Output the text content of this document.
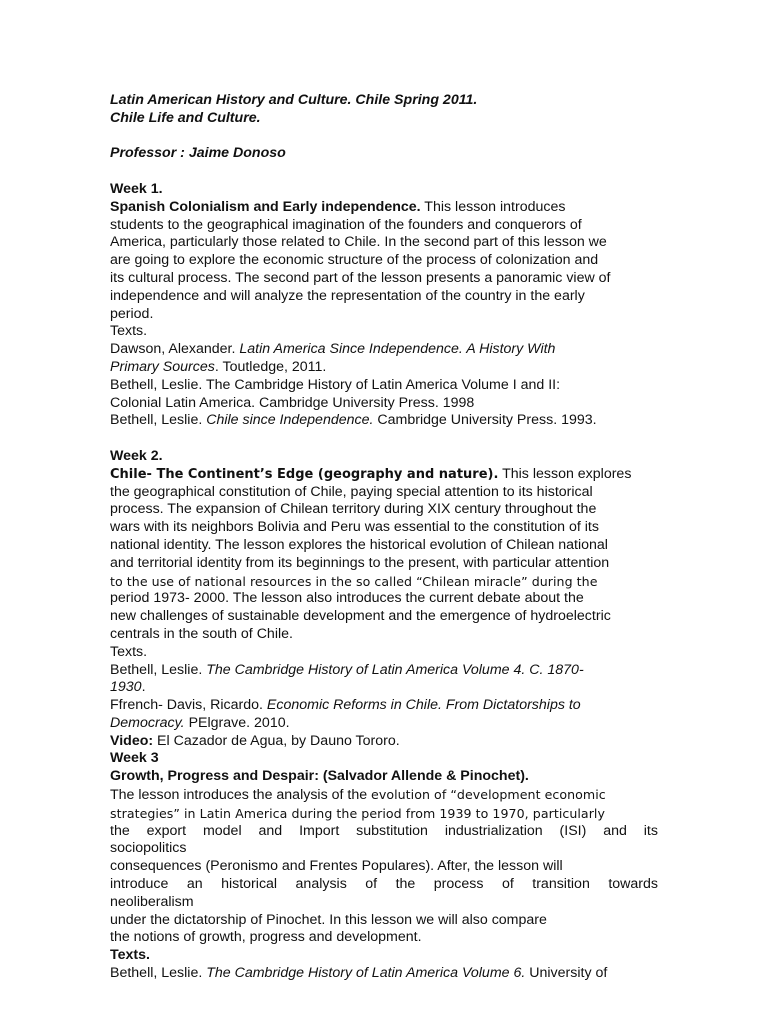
Latin American History and Culture. Chile Spring 2011.
Chile Life and Culture.
Professor : Jaime Donoso
Week 1.
Spanish Colonialism and Early independence. This lesson introduces
students to the geographical imagination of the founders and conquerors of
America, particularly those related to Chile. In the second part of this lesson we
are going to explore the economic structure of the process of colonization and
its cultural process. The second part of the lesson presents a panoramic view of
independence and will analyze the representation of the country in the early
period.
Texts.
Dawson, Alexander. Latin America Since Independence. A History With
Primary Sources. Toutledge, 2011.
Bethell, Leslie. The Cambridge History of Latin America Volume I and II:
Colonial Latin America. Cambridge University Press. 1998
Bethell, Leslie. Chile since Independence. Cambridge University Press. 1993.
Week 2.
Chile- The Continent’s Edge (geography and nature). This lesson explores
the geographical constitution of Chile, paying special attention to its historical
process. The expansion of Chilean territory during XIX century throughout the
wars with its neighbors Bolivia and Peru was essential to the constitution of its
national identity. The lesson explores the historical evolution of Chilean national
and territorial identity from its beginnings to the present, with particular attention
to the use of national resources in the so called “Chilean miracle” during the
period 1973- 2000. The lesson also introduces the current debate about the
new challenges of sustainable development and the emergence of hydroelectric
centrals in the south of Chile.
Texts.
Bethell, Leslie. The Cambridge History of Latin America Volume 4. C. 1870-
1930.
Ffrench- Davis, Ricardo. Economic Reforms in Chile. From Dictatorships to
Democracy. PElgrave. 2010.
Video: El Cazador de Agua, by Dauno Tororo.
Week 3
Growth, Progress and Despair: (Salvador Allende & Pinochet).
The lesson introduces the analysis of the evolution of “development economic
strategies” in Latin America during the period from 1939 to 1970, particularly
the export model and Import substitution industrialization (ISI) and its
sociopolitics
consequences (Peronismo and Frentes Populares). After, the lesson will
introduce an historical analysis of the process of transition towards
neoliberalism
under the dictatorship of Pinochet. In this lesson we will also compare
the notions of growth, progress and development.
Texts.
Bethell, Leslie. The Cambridge History of Latin America Volume 6. University of
